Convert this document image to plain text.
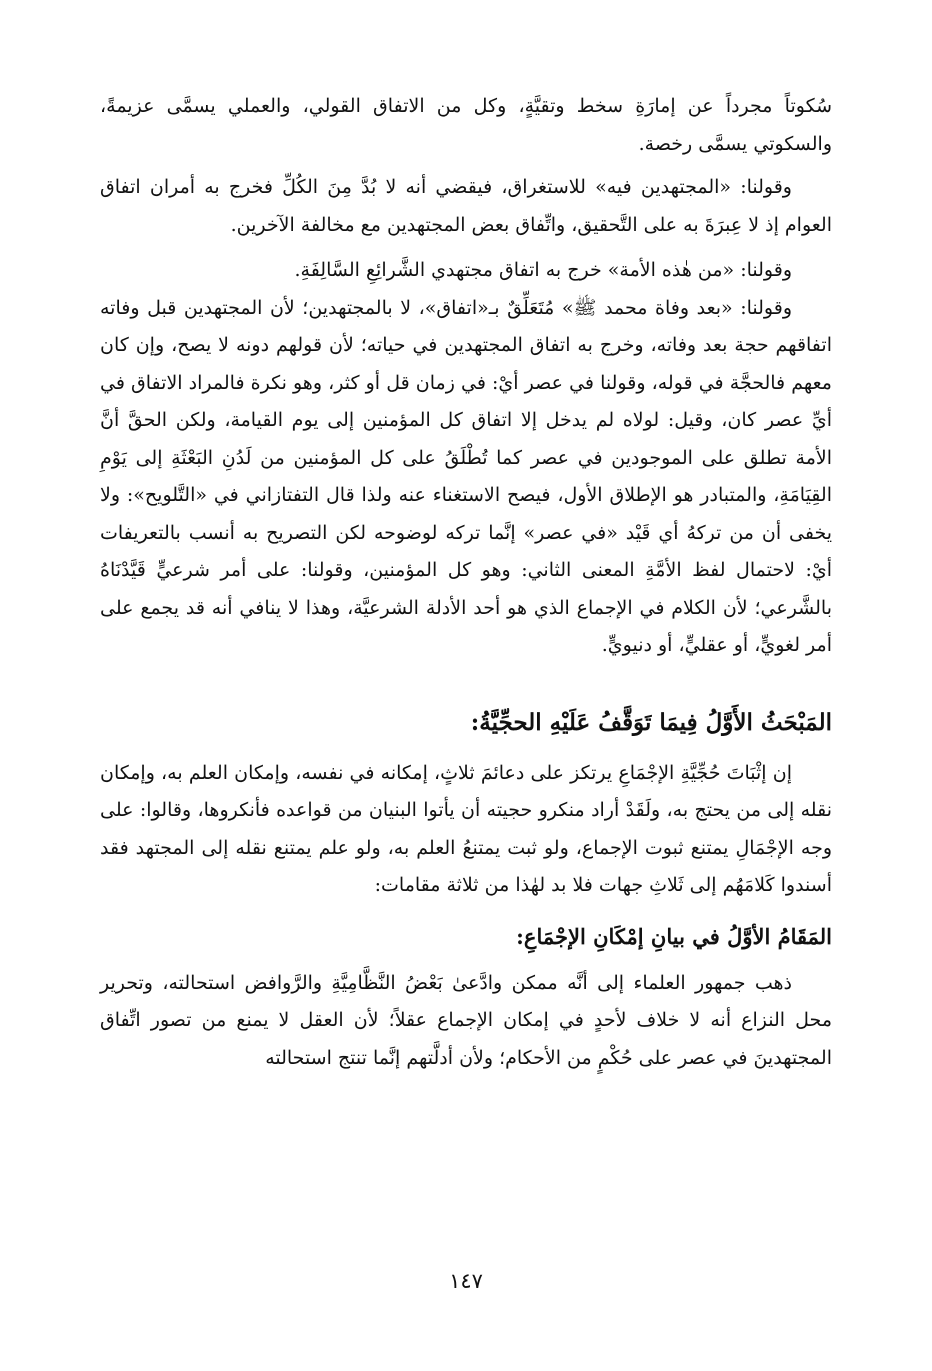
سُكوتاً مجرداً عن إمارَةِ سخط وتقيَّةٍ، وكل من الاتفاق القولي، والعملي يسمَّى عزيمةً، والسكوتي يسمَّى رخصة.

وقولنا: «المجتهدين فيه» للاستغراق، فيقضي أنه لا بُدَّ مِنَ الكُلِّ فخرج به أمران اتفاق العوام إذ لا عِبرَةَ به على التَّحقيق، واتِّفاق بعض المجتهدين مع مخالفة الآخرين.

وقولنا: «من هٰذه الأمة» خرج به اتفاق مجتهدي الشَّرائِعِ السَّالِفَةِ.

وقولنا: «بعد وفاة محمد ﷺ» مُتَعَلِّقٌ بـ«اتفاق»، لا بالمجتهدين؛ لأن المجتهدين قبل وفاته اتفاقهم حجة بعد وفاته، وخرج به اتفاق المجتهدين في حياته؛ لأن قولهم دونه لا يصح، وإن كان معهم فالحجَّة في قوله، وقولنا في عصر أيْ: في زمان قل أو كثر، وهو نكرة فالمراد الاتفاق في أيِّ عصر كان، وقيل: لولاه لم يدخل إلا اتفاق كل المؤمنين إلى يوم القيامة، ولكن الحقَّ أنَّ الأمة تطلق على الموجودين في عصر كما تُطْلَقُ على كل المؤمنين من لَدُنِ البَعْثَةِ إلى يَوْمِ القِيَامَةِ، والمتبادر هو الإطلاق الأول، فيصح الاستغناء عنه ولذا قال التفتازاني في «التَّلويح»: ولا يخفى أن من تركهُ أي قَيْد «في عصر» إنَّما تركه لوضوحه لكن التصريح به أنسب بالتعريفات أيْ: لاحتمال لفظ الأمَّةِ المعنى الثاني: وهو كل المؤمنين، وقولنا: على أمر شرعيٍّ قَيَّدْنَاهُ بالشَّرعي؛ لأن الكلام في الإجماع الذي هو أحد الأدلة الشرعيَّة، وهذا لا ينافي أنه قد يجمع على أمر لغويٍّ، أو عقليٍّ، أو دنيويٍّ.

المَبْحَثُ الأَوَّلُ فِيمَا تَوَقَّفُ عَلَيْهِ الحجِّيَّةُ:

إن إثْبَاتَ حُجِّيَّةِ الإجْمَاعِ يرتكز على دعائمَ ثلاثٍ، إمكانه في نفسه، وإمكان العلم به، وإمكان نقله إلى من يحتج به، ولَقَدْ أراد منكرو حجيته أن يأتوا البنيان من قواعده فأنكروها، وقالوا: على وجه الإجْمَالِ يمتنع ثبوت الإجماع، ولو ثبت يمتنعُ العلم به، ولو علم يمتنع نقله إلى المجتهد فقد أسندوا كَلامَهُم إلى ثَلاثِ جهات فلا بد لهٰذا من ثلاثة مقامات:

المَقَامُ الأوَّلُ في بيانِ إمْكَانِ الإجْمَاعِ:

ذهب جمهور العلماء إلى أنَّه ممكن وادَّعىٰ بَعْضُ النَّظَّامِيَّةِ والرَّوافض استحالته، وتحرير محل النزاع أنه لا خلاف لأحدٍ في إمكان الإجماع عقلاً؛ لأن العقل لا يمنع من تصور اتِّفاق المجتهدينَ في عصر على حُكْمٍ من الأحكام؛ ولأن أدلَّتهم إنَّما تنتج استحالته

١٤٧
